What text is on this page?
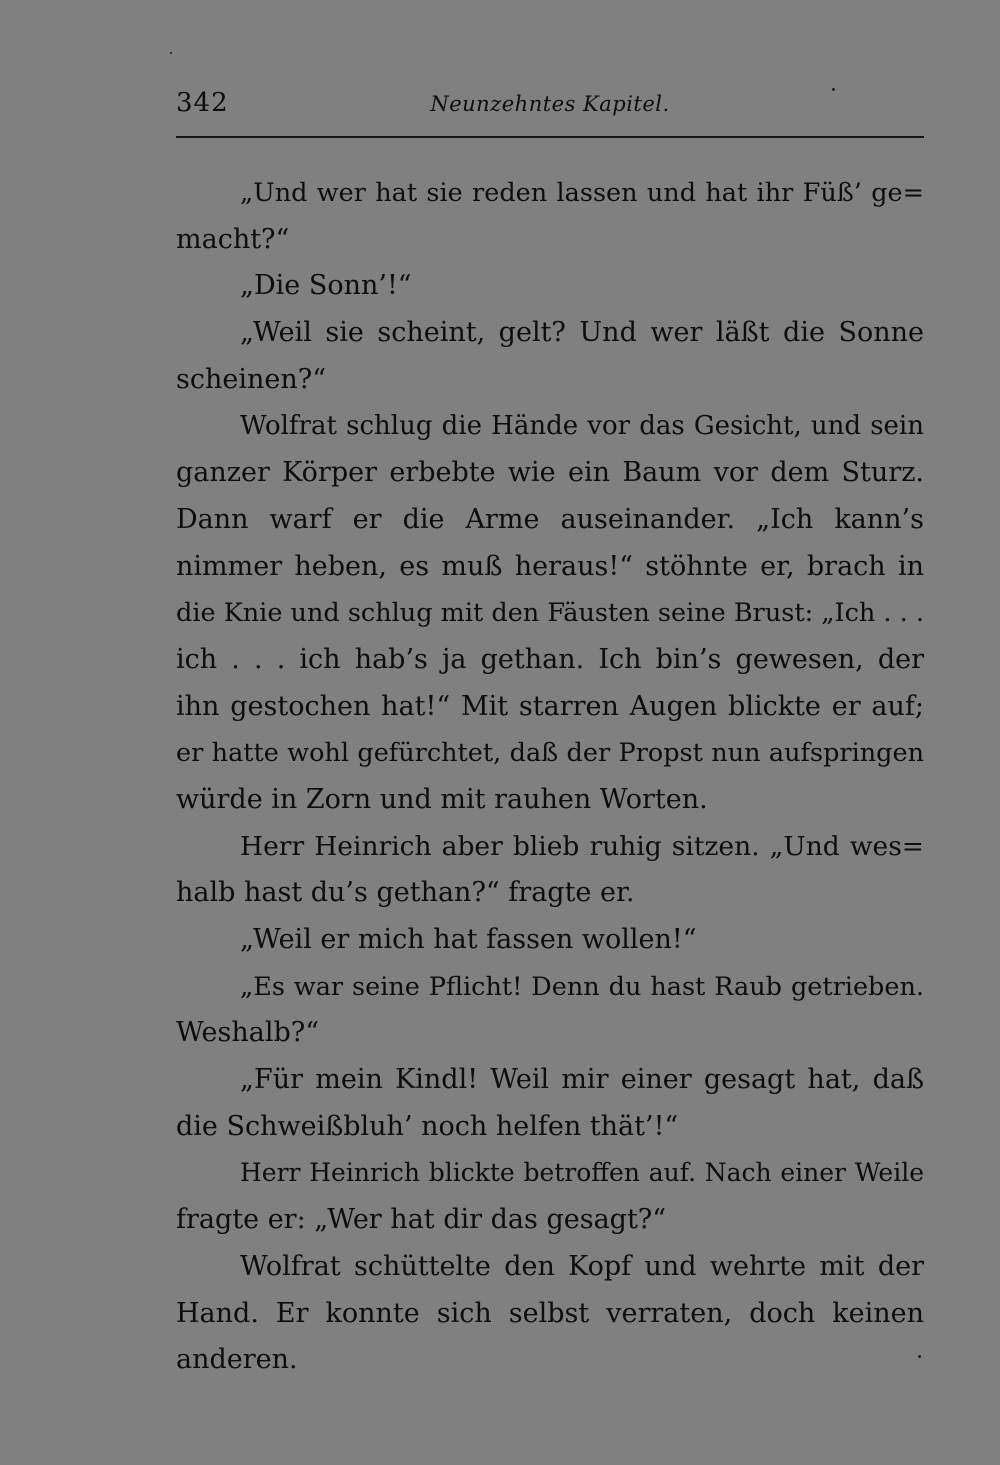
342	Neunzehntes Kapitel.
„Und wer hat sie reden lassen und hat ihr Füß’ ge=
macht?“
„Die Sonn’!“
„Weil sie scheint, gelt? Und wer läßt die Sonne
scheinen?“
Wolfrat schlug die Hände vor das Gesicht, und sein
ganzer Körper erbebte wie ein Baum vor dem Sturz.
Dann warf er die Arme auseinander. „Ich kann’s
nimmer heben, es muß heraus!“ stöhnte er, brach in
die Knie und schlug mit den Fäusten seine Brust: „Ich . . .
ich . . . ich hab’s ja gethan. Ich bin’s gewesen, der
ihn gestochen hat!“ Mit starren Augen blickte er auf;
er hatte wohl gefürchtet, daß der Propst nun aufspringen
würde in Zorn und mit rauhen Worten.
Herr Heinrich aber blieb ruhig sitzen. „Und wes=
halb hast du’s gethan?“ fragte er.
„Weil er mich hat fassen wollen!“
„Es war seine Pflicht! Denn du hast Raub getrieben.
Weshalb?“
„Für mein Kindl! Weil mir einer gesagt hat, daß
die Schweißbluh’ noch helfen thät’!“
Herr Heinrich blickte betroffen auf. Nach einer Weile
fragte er: „Wer hat dir das gesagt?“
Wolfrat schüttelte den Kopf und wehrte mit der
Hand. Er konnte sich selbst verraten, doch keinen
anderen.
